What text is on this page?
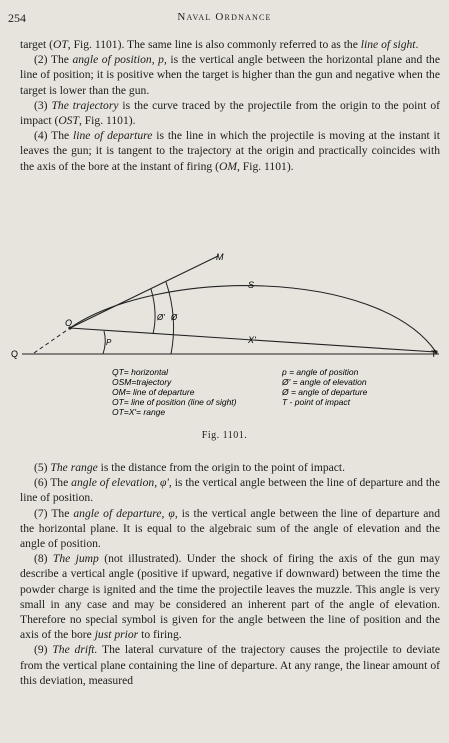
254	Naval Ordnance

target (OT, Fig. 1101). The same line is also commonly referred to as the line of sight.

(2) The angle of position, p, is the vertical angle between the horizontal plane and the line of position; it is positive when the target is higher than the gun and negative when the target is lower than the gun.

(3) The trajectory is the curve traced by the projectile from the origin to the point of impact (OST, Fig. 1101).

(4) The line of departure is the line in which the projectile is moving at the instant it leaves the gun; it is tangent to the trajectory at the origin and practically coincides with the axis of the bore at the instant of firing (OM, Fig. 1101).

M
S
O
Q	T
X'
P
Ø' Ø
QT= horizontal
OSM=trajectory
OM= line of departure
OT= line of position (line of sight)
OT=X'= range
p = angle of position
Ø' = angle of elevation
Ø = angle of departure
T - point of impact
Fig. 1101.

(5) The range is the distance from the origin to the point of impact.

(6) The angle of elevation, φ', is the vertical angle between the line of departure and the line of position.

(7) The angle of departure, φ, is the vertical angle between the line of departure and the horizontal plane. It is equal to the algebraic sum of the angle of elevation and the angle of position.

(8) The jump (not illustrated). Under the shock of firing the axis of the gun may describe a vertical angle (positive if upward, negative if downward) between the time the powder charge is ignited and the time the projectile leaves the muzzle. This angle is very small in any case and may be considered an inherent part of the angle of elevation. Therefore no special symbol is given for the angle between the line of position and the axis of the bore just prior to firing.

(9) The drift. The lateral curvature of the trajectory causes the projectile to deviate from the vertical plane containing the line of departure. At any range, the linear amount of this deviation, measured
